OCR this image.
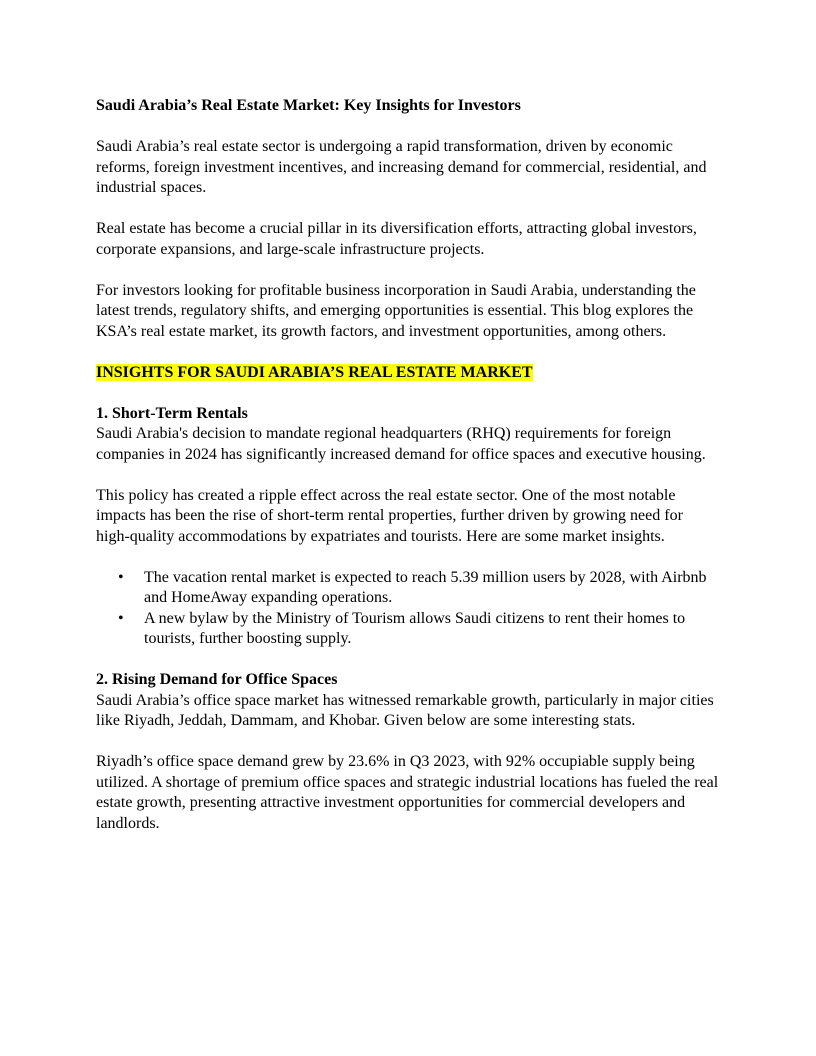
Saudi Arabia’s Real Estate Market: Key Insights for Investors

Saudi Arabia’s real estate sector is undergoing a rapid transformation, driven by economic reforms, foreign investment incentives, and increasing demand for commercial, residential, and industrial spaces.

Real estate has become a crucial pillar in its diversification efforts, attracting global investors, corporate expansions, and large-scale infrastructure projects.

For investors looking for profitable business incorporation in Saudi Arabia, understanding the latest trends, regulatory shifts, and emerging opportunities is essential. This blog explores the KSA’s real estate market, its growth factors, and investment opportunities, among others.

INSIGHTS FOR SAUDI ARABIA’S REAL ESTATE MARKET

1. Short-Term Rentals

Saudi Arabia's decision to mandate regional headquarters (RHQ) requirements for foreign companies in 2024 has significantly increased demand for office spaces and executive housing.

This policy has created a ripple effect across the real estate sector. One of the most notable impacts has been the rise of short-term rental properties, further driven by growing need for high-quality accommodations by expatriates and tourists. Here are some market insights.

• The vacation rental market is expected to reach 5.39 million users by 2028, with Airbnb and HomeAway expanding operations.
• A new bylaw by the Ministry of Tourism allows Saudi citizens to rent their homes to tourists, further boosting supply.

2. Rising Demand for Office Spaces

Saudi Arabia’s office space market has witnessed remarkable growth, particularly in major cities like Riyadh, Jeddah, Dammam, and Khobar. Given below are some interesting stats.

Riyadh’s office space demand grew by 23.6% in Q3 2023, with 92% occupiable supply being utilized. A shortage of premium office spaces and strategic industrial locations has fueled the real estate growth, presenting attractive investment opportunities for commercial developers and landlords.
